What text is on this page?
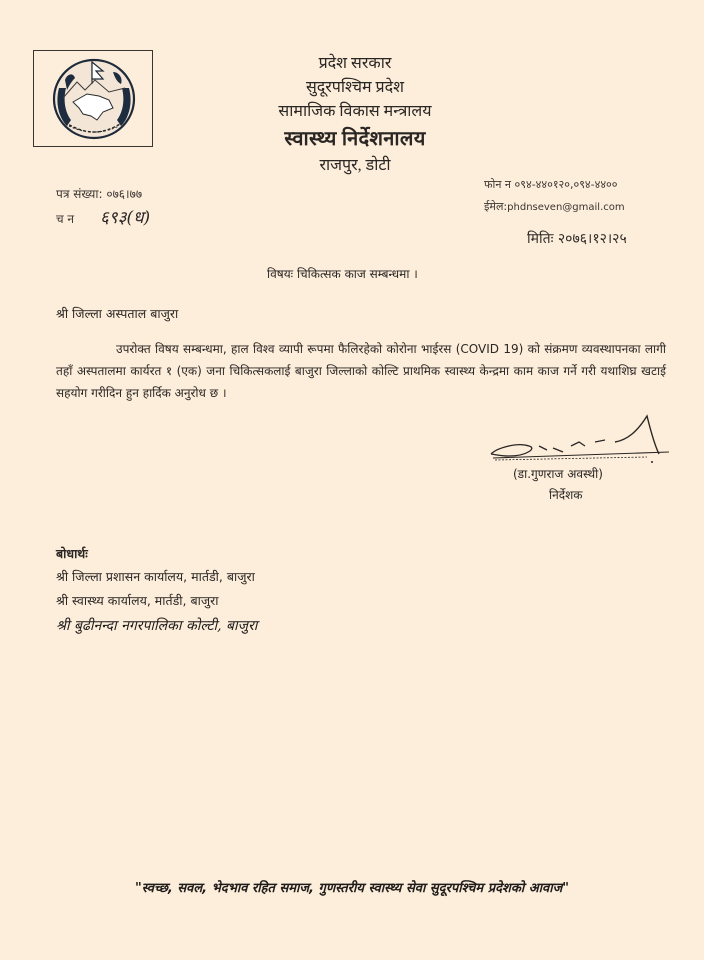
प्रदेश सरकार
सुदूरपश्चिम प्रदेश
सामाजिक विकास मन्त्रालय
स्वास्थ्य निर्देशनालय
राजपुर, डोटी
पत्र संख्या: ०७६।७७
च न ६९३(ध)
फोन न ०९४-४४०१२०,०९४-४४००
ईमेल:phdnseven@gmail.com
मितिः २०७६।१२।२५
विषयः चिकित्सक काज सम्बन्धमा ।
श्री जिल्ला अस्पताल बाजुरा
उपरोक्त विषय सम्बन्धमा, हाल विश्व व्यापी रूपमा फैलिरहेको कोरोना भाईरस (COVID 19) को संक्रमण व्यवस्थापनका लागी तहाँ अस्पतालमा कार्यरत १ (एक) जना चिकित्सकलाई बाजुरा जिल्लाको कोल्टि प्राथमिक स्वास्थ्य केन्द्रमा काम काज गर्ने गरी यथाशिघ्र खटाई सहयोग गरीदिन हुन हार्दिक अनुरोध छ ।
(डा.गुणराज अवस्थी)
निर्देशक
बोधार्थः
श्री जिल्ला प्रशासन कार्यालय, मार्तडी, बाजुरा
श्री स्वास्थ्य कार्यालय, मार्तडी, बाजुरा
श्री बुढीनन्दा नगरपालिका कोल्टी, बाजुरा
"स्वच्छ, सवल, भेदभाव रहित समाज, गुणस्तरीय स्वास्थ्य सेवा सुदूरपश्चिम प्रदेशको आवाज"
